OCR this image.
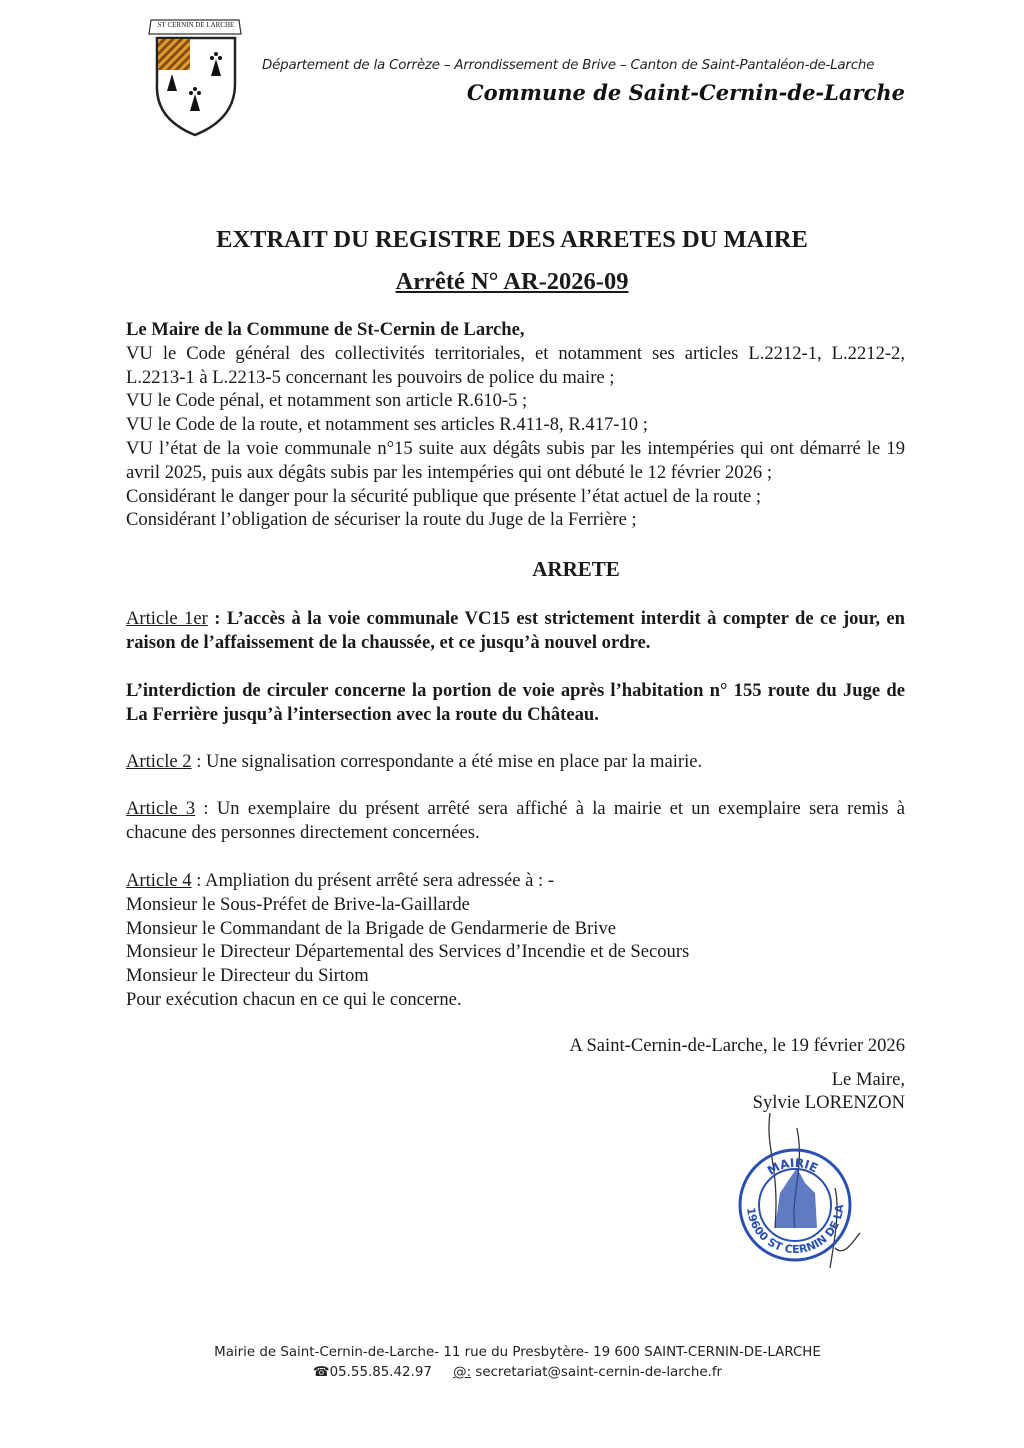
ST CERNIN DE LARCHE
Département de la Corrèze – Arrondissement de Brive – Canton de Saint-Pantaléon-de-Larche
Commune de Saint-Cernin-de-Larche
EXTRAIT DU REGISTRE DES ARRETES DU MAIRE
Arrêté N° AR-2026-09
Le Maire de la Commune de St-Cernin de Larche,
VU le Code général des collectivités territoriales, et notamment ses articles L.2212-1, L.2212-2, L.2213-1 à L.2213-5 concernant les pouvoirs de police du maire ;
VU le Code pénal, et notamment son article R.610-5 ;
VU le Code de la route, et notamment ses articles R.411-8, R.417-10 ;
VU l’état de la voie communale n°15 suite aux dégâts subis par les intempéries qui ont démarré le 19 avril 2025, puis aux dégâts subis par les intempéries qui ont débuté le 12 février 2026 ;
Considérant le danger pour la sécurité publique que présente l’état actuel de la route ;
Considérant l’obligation de sécuriser la route du Juge de la Ferrière ;
ARRETE
Article 1er : L’accès à la voie communale VC15 est strictement interdit à compter de ce jour, en raison de l’affaissement de la chaussée, et ce jusqu’à nouvel ordre.
L’interdiction de circuler concerne la portion de voie après l’habitation n° 155 route du Juge de La Ferrière jusqu’à l’intersection avec la route du Château.
Article 2 : Une signalisation correspondante a été mise en place par la mairie.
Article 3 : Un exemplaire du présent arrêté sera affiché à la mairie et un exemplaire sera remis à chacune des personnes directement concernées.
Article 4 : Ampliation du présent arrêté sera adressée à : -
Monsieur le Sous-Préfet de Brive-la-Gaillarde
Monsieur le Commandant de la Brigade de Gendarmerie de Brive
Monsieur le Directeur Départemental des Services d’Incendie et de Secours
Monsieur le Directeur du Sirtom
Pour exécution chacun en ce qui le concerne.
A Saint-Cernin-de-Larche, le 19 février 2026
Le Maire,
Sylvie LORENZON
MAIRIE
19600 ST CERNIN DE LA
Mairie de Saint-Cernin-de-Larche- 11 rue du Presbytère- 19 600 SAINT-CERNIN-DE-LARCHE
☎05.55.85.42.97 @: secretariat@saint-cernin-de-larche.fr
